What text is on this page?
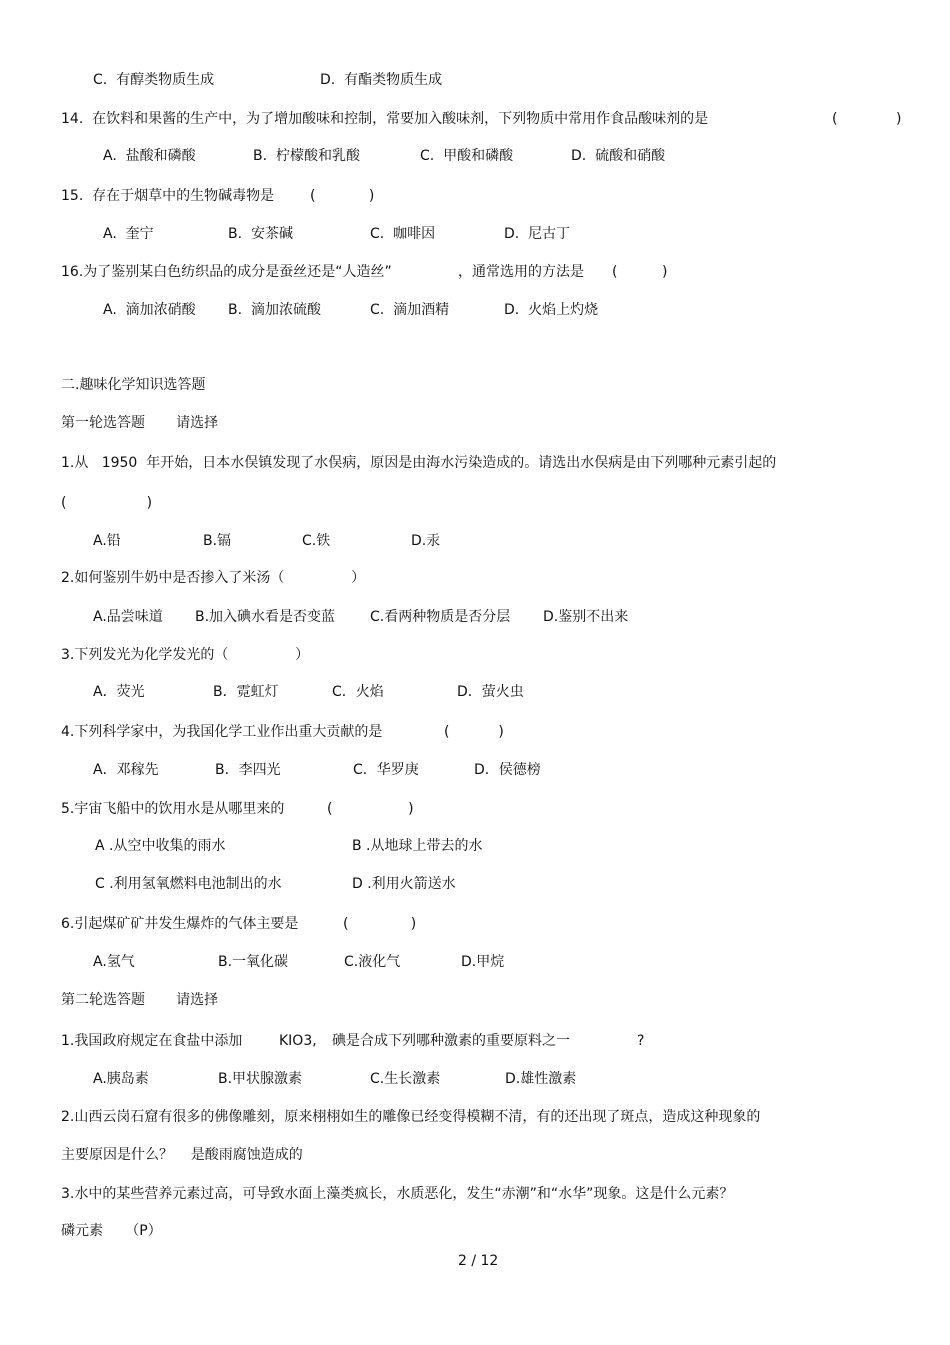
C.  有醇类物质生成	D.  有酯类物质生成
14.  在饮料和果酱的生产中，为了增加酸味和控制，常要加入酸味剂，下列物质中常用作食品酸味剂的是	(	)
A.  盐酸和磷酸	B.  柠檬酸和乳酸	C.  甲酸和磷酸	D.  硫酸和硝酸
15.  存在于烟草中的生物碱毒物是	(            )
A.  奎宁	B.  安茶碱	C.  咖啡因	D.  尼古丁
16.为了鉴别某白色纺织品的成分是蚕丝还是“人造丝”	，通常选用的方法是 (          )
A.  滴加浓硝酸 B.  滴加浓硫酸	C.  滴加酒精	D.  火焰上灼烧
二.趣味化学知识选答题
第一轮选答题       请选择
1.从   1950  年开始，日本水俣镇发现了水俣病，原因是由海水污染造成的。请选出水俣病是由下列哪种元素引起的
(                  )
A.铅	B.镉	C.铁	D.汞
2.如何鉴别牛奶中是否掺入了米汤（               ）
A.品尝味道 B.加入碘水看是否变蓝 C.看两种物质是否分层 D.鉴别不出来
3.下列发光为化学发光的（               ）
A．荧光	B．霓虹灯	C．火焰	D．萤火虫
4.下列科学家中，为我国化学工业作出重大贡献的是	(           )
A．邓稼先	B．李四光	C．华罗庚	D．侯德榜
5.宇宙飞船中的饮用水是从哪里来的	(                 )
A .从空中收集的雨水	B .从地球上带去的水
C .利用氢氧燃料电池制出的水	D .利用火箭送水
6.引起煤矿矿井发生爆炸的气体主要是	(              )
A.氢气	B.一氧化碳	C.液化气	D.甲烷
第二轮选答题       请选择
1.我国政府规定在食盐中添加	KIO3, 碘是合成下列哪种激素的重要原料之一	?
A.胰岛素	B.甲状腺激素	C.生长激素	D.雄性激素
2.山西云岗石窟有很多的佛像雕刻，原来栩栩如生的雕像已经变得模糊不清，有的还出现了斑点，造成这种现象的
主要原因是什么？    是酸雨腐蚀造成的
3.水中的某些营养元素过高，可导致水面上藻类疯长，水质恶化，发生“赤潮”和“水华”现象。这是什么元素？
磷元素     （P）
2 / 12
